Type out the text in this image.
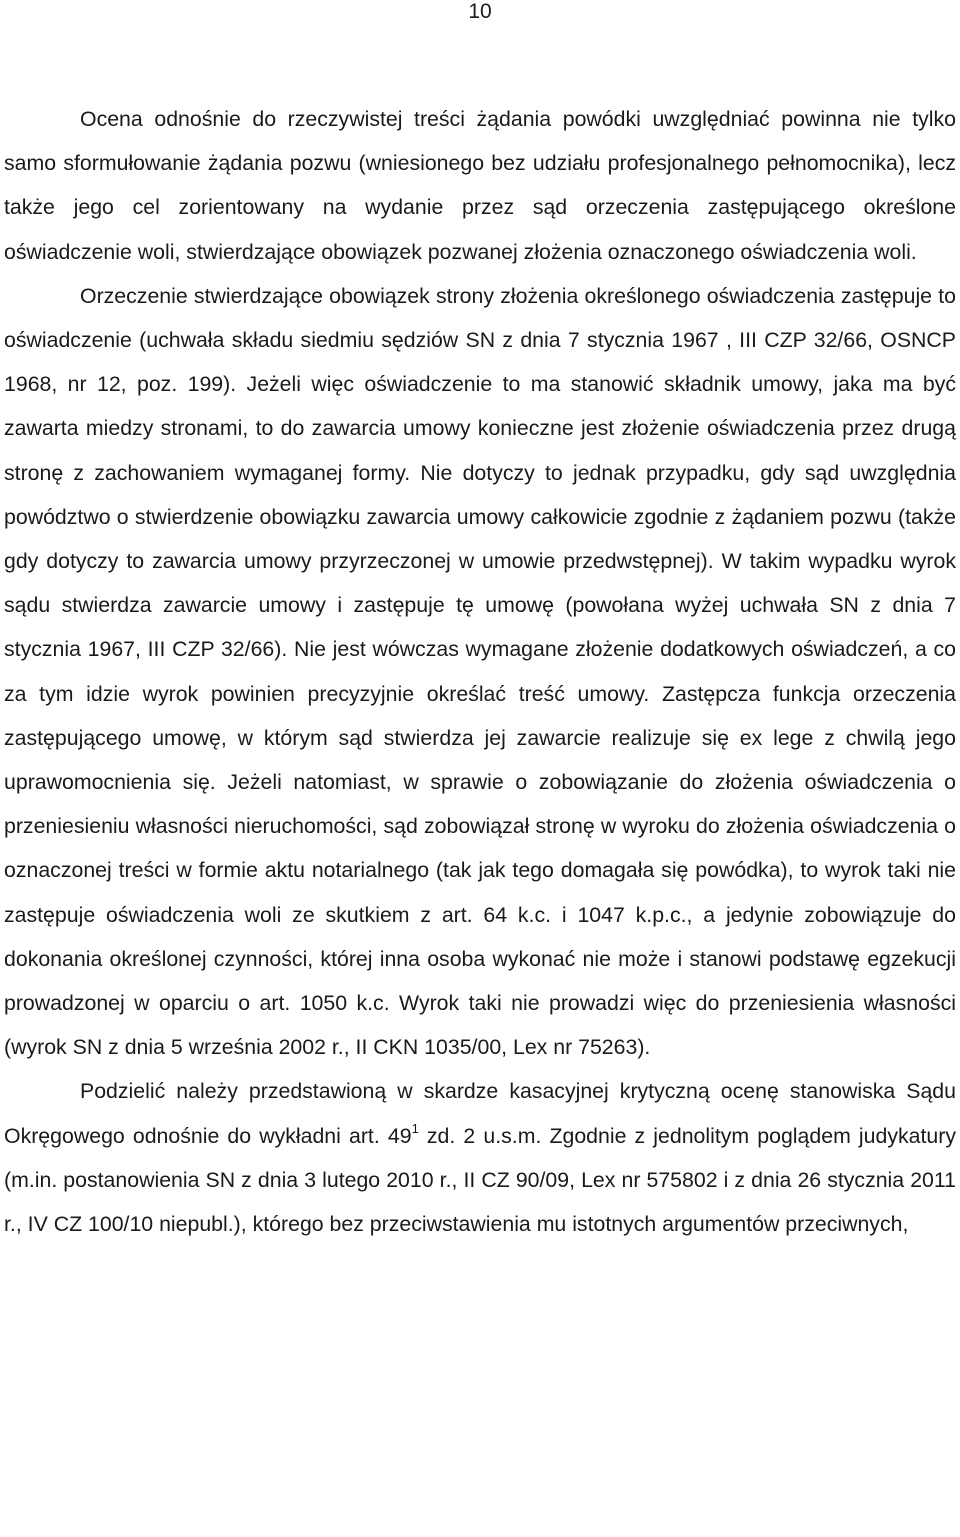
10

Ocena odnośnie do rzeczywistej treści żądania powódki uwzględniać powinna nie tylko samo sformułowanie żądania pozwu (wniesionego bez udziału profesjonalnego pełnomocnika), lecz także jego cel zorientowany na wydanie przez sąd orzeczenia zastępującego określone oświadczenie woli, stwierdzające obowiązek pozwanej złożenia oznaczonego oświadczenia woli.

Orzeczenie stwierdzające obowiązek strony złożenia określonego oświadczenia zastępuje to oświadczenie (uchwała składu siedmiu sędziów SN z dnia 7 stycznia 1967 , III CZP 32/66, OSNCP 1968, nr 12, poz. 199). Jeżeli więc oświadczenie to ma stanowić składnik umowy, jaka ma być zawarta miedzy stronami, to do zawarcia umowy konieczne jest złożenie oświadczenia przez drugą stronę z zachowaniem wymaganej formy. Nie dotyczy to jednak przypadku, gdy sąd uwzględnia powództwo o stwierdzenie obowiązku zawarcia umowy całkowicie zgodnie z żądaniem pozwu (także gdy dotyczy to zawarcia umowy przyrzeczonej w umowie przedwstępnej). W takim wypadku wyrok sądu stwierdza zawarcie umowy i zastępuje tę umowę (powołana wyżej uchwała SN z dnia 7 stycznia 1967, III CZP 32/66). Nie jest wówczas wymagane złożenie dodatkowych oświadczeń, a co za tym idzie wyrok powinien precyzyjnie określać treść umowy. Zastępcza funkcja orzeczenia zastępującego umowę, w którym sąd stwierdza jej zawarcie realizuje się ex lege z chwilą jego uprawomocnienia się. Jeżeli natomiast, w sprawie o zobowiązanie do złożenia oświadczenia o przeniesieniu własności nieruchomości, sąd zobowiązał stronę w wyroku do złożenia oświadczenia o oznaczonej treści w formie aktu notarialnego (tak jak tego domagała się powódka), to wyrok taki nie zastępuje oświadczenia woli ze skutkiem z art. 64 k.c. i 1047 k.p.c., a jedynie zobowiązuje do dokonania określonej czynności, której inna osoba wykonać nie może i stanowi podstawę egzekucji prowadzonej w oparciu o art. 1050 k.c. Wyrok taki nie prowadzi więc do przeniesienia własności (wyrok SN z dnia 5 września 2002 r., II CKN 1035/00, Lex nr 75263).

Podzielić należy przedstawioną w skardze kasacyjnej krytyczną ocenę stanowiska Sądu Okręgowego odnośnie do wykładni art. $49^1$ zd. 2 u.s.m. Zgodnie z jednolitym poglądem judykatury (m.in. postanowienia SN z dnia 3 lutego 2010 r., II CZ 90/09, Lex nr 575802 i z dnia 26 stycznia 2011 r., IV CZ 100/10 niepubl.), którego bez przeciwstawienia mu istotnych argumentów przeciwnych,
